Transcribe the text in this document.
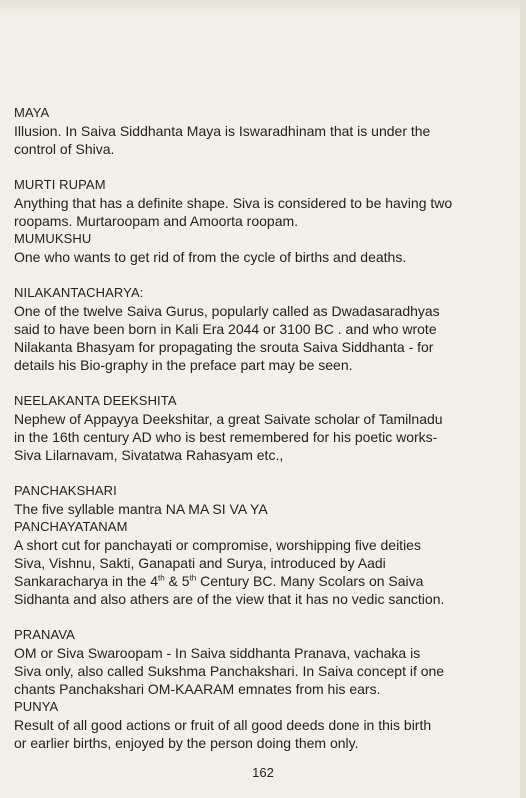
MAYA

Illusion. In Saiva Siddhanta Maya is Iswaradhinam that is under the
control of Shiva.

MURTI RUPAM

Anything that has a definite shape. Siva is considered to be having two
roopams. Murtaroopam and Amoorta roopam.

MUMUKSHU

One who wants to get rid of from the cycle of births and deaths.

NILAKANTACHARYA:

One of the twelve Saiva Gurus, popularly called as Dwadasaradhyas
said to have been born in Kali Era 2044 or 3100 BC . and who wrote
Nilakanta Bhasyam for propagating the srouta Saiva Siddhanta - for
details his Bio-graphy in the preface part may be seen.

NEELAKANTA DEEKSHITA

Nephew of Appayya Deekshitar, a great Saivate scholar of Tamilnadu
in the 16th century AD who is best remembered for his poetic works-
Siva Lilarnavam, Sivatatwa Rahasyam etc.,

PANCHAKSHARI

The five syllable mantra NA MA SI VA YA

PANCHAYATANAM

A short cut for panchayati or compromise, worshipping five deities
Siva, Vishnu, Sakti, Ganapati and Surya, introduced by Aadi
Sankaracharya in the 4th & 5th Century BC. Many Scolars on Saiva
Sidhanta and also athers are of the view that it has no vedic sanction.

PRANAVA

OM or Siva Swaroopam - In Saiva siddhanta Pranava, vachaka is
Siva only, also called Sukshma Panchakshari. In Saiva concept if one
chants Panchakshari OM-KAARAM emnates from his ears.

PUNYA

Result of all good actions or fruit of all good deeds done in this birth
or earlier births, enjoyed by the person doing them only.

162
